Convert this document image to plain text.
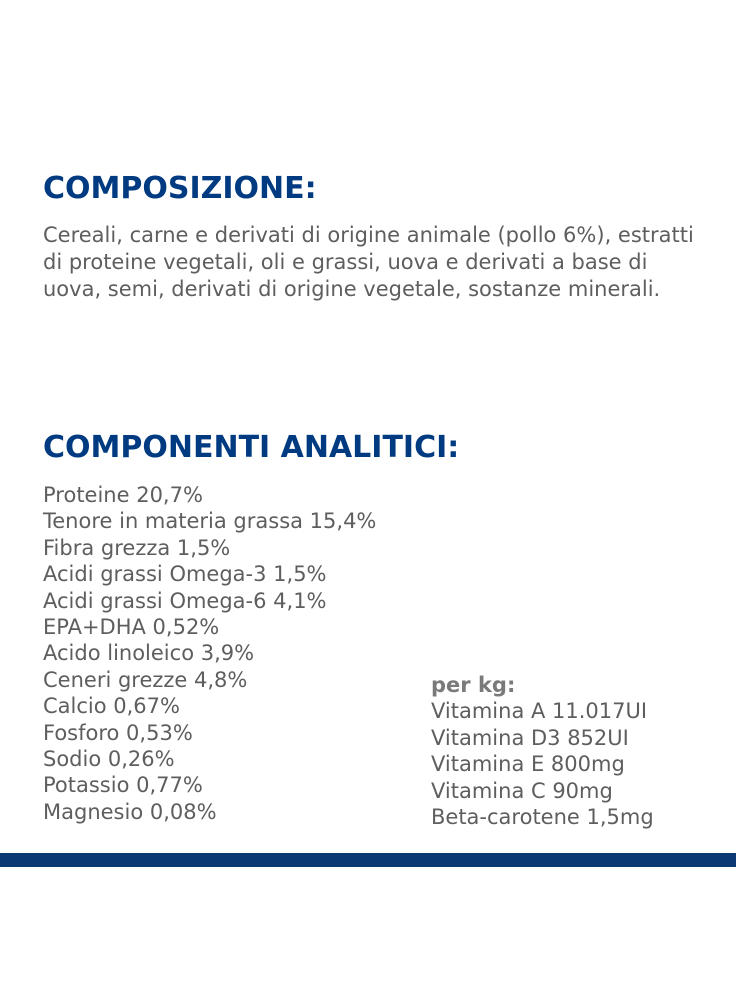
COMPOSIZIONE:

Cereali, carne e derivati di origine animale (pollo 6%), estratti di proteine vegetali, oli e grassi, uova e derivati a base di uova, semi, derivati di origine vegetale, sostanze minerali.

COMPONENTI ANALITICI:
Proteine 20,7%
Tenore in materia grassa 15,4%
Fibra grezza 1,5%
Acidi grassi Omega-3 1,5%
Acidi grassi Omega-6 4,1%
EPA+DHA 0,52%
Acido linoleico 3,9%
Ceneri grezze 4,8%
Calcio 0,67%
Fosforo 0,53%
Sodio 0,26%
Potassio 0,77%
Magnesio 0,08%
per kg:
Vitamina A 11.017UI
Vitamina D3 852UI
Vitamina E 800mg
Vitamina C 90mg
Beta-carotene 1,5mg
